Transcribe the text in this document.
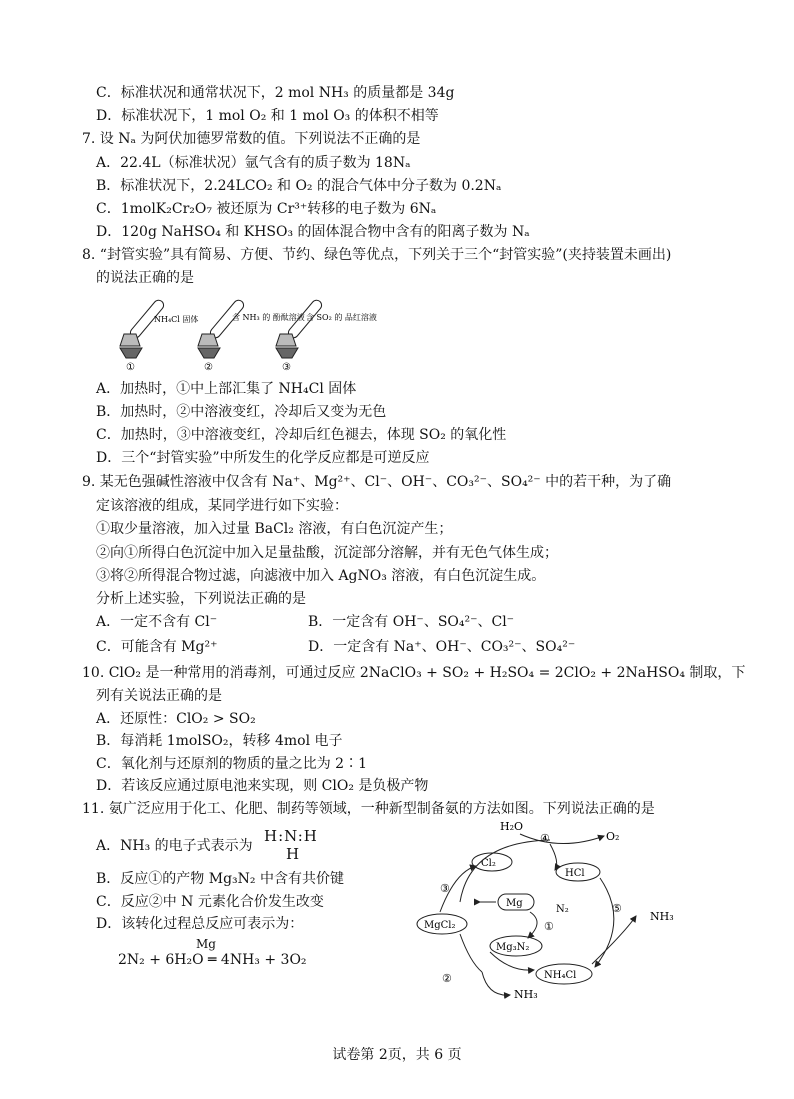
C．标准状况和通常状况下，2 mol NH₃ 的质量都是 34g
D．标准状况下，1 mol O₂ 和 1 mol O₃ 的体积不相等
7. 设 Nₐ 为阿伏加德罗常数的值。下列说法不正确的是
A．22.4L（标准状况）氩气含有的质子数为 18Nₐ
B．标准状况下，2.24LCO₂ 和 O₂ 的混合气体中分子数为 0.2Nₐ
C．1molK₂Cr₂O₇ 被还原为 Cr³⁺转移的电子数为 6Nₐ
D．120g NaHSO₄ 和 KHSO₃ 的固体混合物中含有的阳离子数为 Nₐ
8. “封管实验”具有简易、方便、节约、绿色等优点，下列关于三个“封管实验”(夹持装置未画出)
的说法正确的是
NH₄Cl 固体
①
含 NH₃ 的 酚酞溶液
②
含 SO₂ 的 品红溶液
③
A．加热时，①中上部汇集了 NH₄Cl 固体
B．加热时，②中溶液变红，冷却后又变为无色
C．加热时，③中溶液变红，冷却后红色褪去，体现 SO₂ 的氧化性
D．三个“封管实验”中所发生的化学反应都是可逆反应
9. 某无色强碱性溶液中仅含有 Na⁺、Mg²⁺、Cl⁻、OH⁻、CO₃²⁻、SO₄²⁻ 中的若干种，为了确
定该溶液的组成，某同学进行如下实验：
①取少量溶液，加入过量 BaCl₂ 溶液，有白色沉淀产生；
②向①所得白色沉淀中加入足量盐酸，沉淀部分溶解，并有无色气体生成；
③将②所得混合物过滤，向滤液中加入 AgNO₃ 溶液，有白色沉淀生成。
分析上述实验，下列说法正确的是
A．一定不含有 Cl⁻	B．一定含有 OH⁻、SO₄²⁻、Cl⁻
C．可能含有 Mg²⁺	D．一定含有 Na⁺、OH⁻、CO₃²⁻、SO₄²⁻
10. ClO₂ 是一种常用的消毒剂，可通过反应 2NaClO₃ + SO₂ + H₂SO₄ = 2ClO₂ + 2NaHSO₄ 制取，下
列有关说法正确的是
A．还原性：ClO₂ > SO₂
B．每消耗 1molSO₂，转移 4mol 电子
C．氧化剂与还原剂的物质的量之比为 2∶1
D．若该反应通过原电池来实现，则 ClO₂ 是负极产物
11. 氨广泛应用于化工、化肥、制药等领域，一种新型制备氨的方法如图。下列说法正确的是
A．NH₃ 的电子式表示为
H:N:H
H
B．反应①的产物 Mg₃N₂ 中含有共价键
C．反应②中 N 元素化合价发生改变
D．该转化过程总反应可表示为：
Mg
2N₂ + 6H₂O ═ 4NH₃ + 3O₂
H₂O
④	O₂
Cl₂
HCl
③
MgCl₂
Mg
N₂
①
Mg₃N₂
②	NH₄Cl
NH₃
⑤
NH₃
试卷第 2页，共 6 页
